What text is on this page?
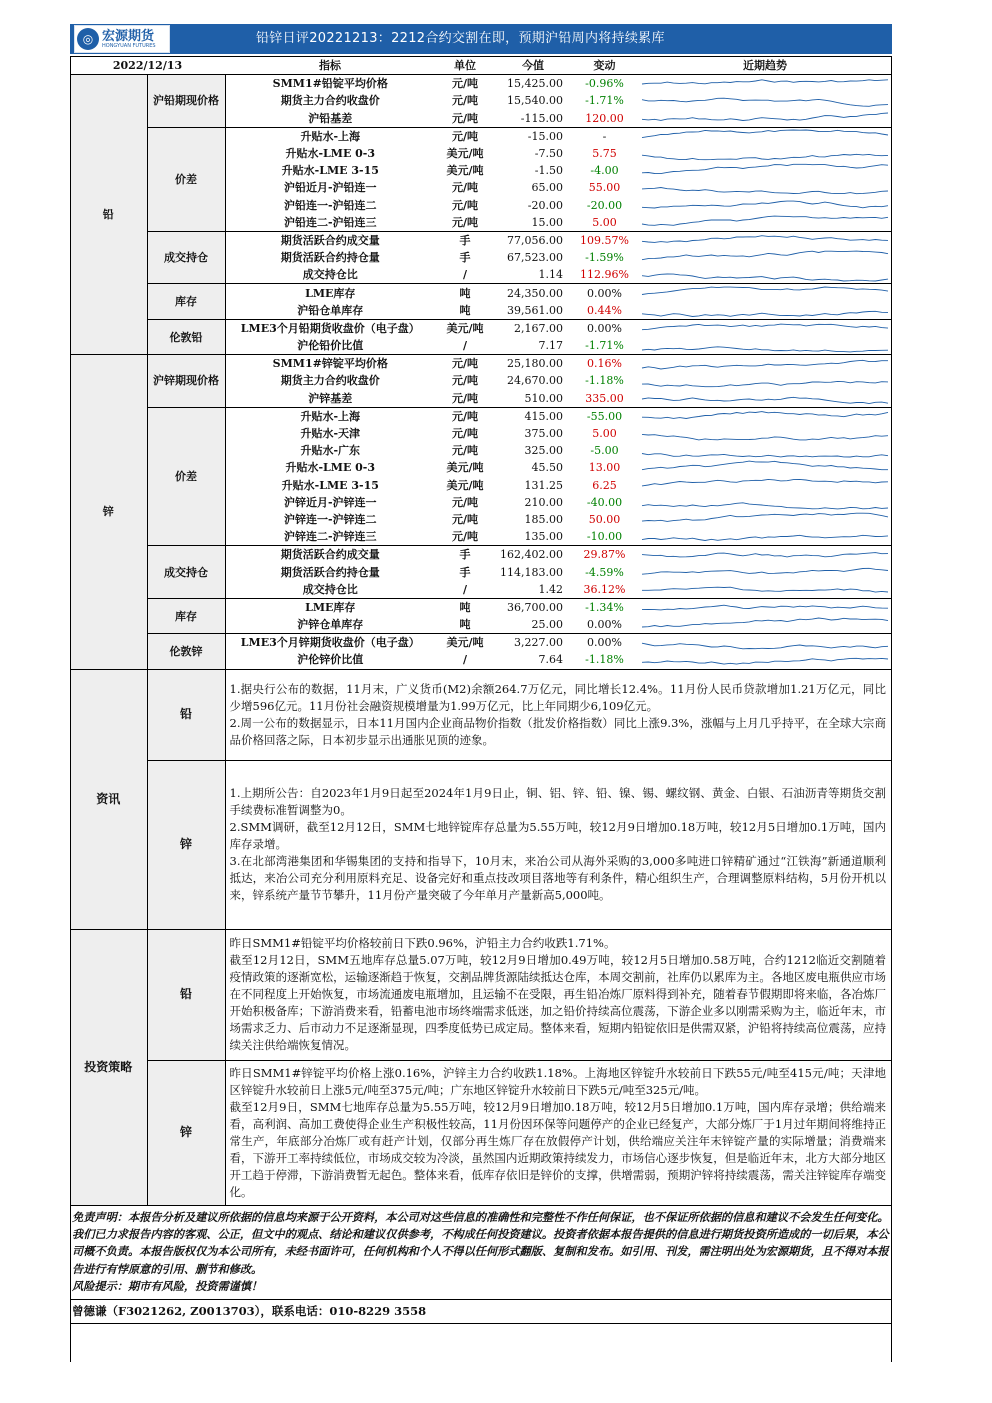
◎ 宏源期货
HONGYUAN FUTURES	铅锌日评20221213：2212合约交割在即，预期沪铅周内将持续累库
2022/12/13		指标	单位	今值	变动	近期趋势
铅	沪铅期现价格	SMM1#铅锭平均价格	元/吨	15,425.00	-0.96%	

		期货主力合约收盘价	元/吨	15,540.00	-1.71%	

		沪铅基差	元/吨	-115.00	120.00	

	价差	升贴水-上海	元/吨	-15.00	-	

		升贴水-LME 0-3	美元/吨	-7.50	5.75	

		升贴水-LME 3-15	美元/吨	-1.50	-4.00	

		沪铅近月-沪铅连一	元/吨	65.00	55.00	

		沪铅连一-沪铅连二	元/吨	-20.00	-20.00	

		沪铅连二-沪铅连三	元/吨	15.00	5.00	

	成交持仓	期货活跃合约成交量	手	77,056.00	109.57%	

		期货活跃合约持仓量	手	67,523.00	-1.59%	

		成交持仓比	/	1.14	112.96%	

	库存	LME库存	吨	24,350.00	0.00%	

		沪铅仓单库存	吨	39,561.00	0.44%	

	伦敦铅	LME3个月铅期货收盘价（电子盘）	美元/吨	2,167.00	0.00%	

		沪伦铅价比值	/	7.17	-1.71%	

锌	沪锌期现价格	SMM1#锌锭平均价格	元/吨	25,180.00	0.16%	

		期货主力合约收盘价	元/吨	24,670.00	-1.18%	

		沪锌基差	元/吨	510.00	335.00	

	价差	升贴水-上海	元/吨	415.00	-55.00	

		升贴水-天津	元/吨	375.00	5.00	

		升贴水-广东	元/吨	325.00	-5.00	

		升贴水-LME 0-3	美元/吨	45.50	13.00	

		升贴水-LME 3-15	美元/吨	131.25	6.25	

		沪锌近月-沪锌连一	元/吨	210.00	-40.00	

		沪锌连一-沪锌连二	元/吨	185.00	50.00	

		沪锌连二-沪锌连三	元/吨	135.00	-10.00	

	成交持仓	期货活跃合约成交量	手	162,402.00	29.87%	

		期货活跃合约持仓量	手	114,183.00	-4.59%	

		成交持仓比	/	1.42	36.12%	

	库存	LME库存	吨	36,700.00	-1.34%	

		沪锌仓单库存	吨	25.00	0.00%	

	伦敦锌	LME3个月锌期货收盘价（电子盘）	美元/吨	3,227.00	0.00%	

		沪伦锌价比值	/	7.64	-1.18%	
资讯	铅	1.据央行公布的数据，11月末，广义货币(M2)余额264.7万亿元，同比增长12.4%。11月份人民币贷款增加1.21万亿元，同比少增596亿元。11月份社会融资规模增量为1.99万亿元，比上年同期少6,109亿元。

2.周一公布的数据显示，日本11月国内企业商品物价指数（批发价格指数）同比上涨9.3%，涨幅与上月几乎持平，在全球大宗商品价格回落之际，日本初步显示出通胀见顶的迹象。

	锌	1.上期所公告：自2023年1月9日起至2024年1月9日止，铜、铝、锌、铅、镍、锡、螺纹钢、黄金、白银、石油沥青等期货交割手续费标准暂调整为0。

2.SMM调研，截至12月12日，SMM七地锌锭库存总量为5.55万吨，较12月9日增加0.18万吨，较12月5日增加0.1万吨，国内库存录增。

3.在北部湾港集团和华锡集团的支持和指导下，10月末，来冶公司从海外采购的3,000多吨进口锌精矿通过“江铁海”新通道顺利抵达，来冶公司充分利用原料充足、设备完好和重点技改项目落地等有利条件，精心组织生产，合理调整原料结构，5月份开机以来，锌系统产量节节攀升，11月份产量突破了今年单月产量新高5,000吨。

投资策略	铅	昨日SMM1#铅锭平均价格较前日下跌0.96%，沪铅主力合约收跌1.71%。

截至12月12日，SMM五地库存总量5.07万吨，较12月9日增加0.49万吨，较12月5日增加0.58万吨，合约1212临近交割随着疫情政策的逐渐宽松，运输逐渐趋于恢复，交割品牌货源陆续抵达仓库，本周交割前，社库仍以累库为主。各地区废电瓶供应市场在不同程度上开始恢复，市场流通废电瓶增加，且运输不在受限，再生铅冶炼厂原料得到补充，随着春节假期即将来临，各冶炼厂开始积极备库；下游消费来看，铅蓄电池市场终端需求低迷，加之铅价持续高位震荡，下游企业多以刚需采购为主，临近年末，市场需求乏力、后市动力不足逐渐显现，四季度低势已成定局。整体来看，短期内铅锭依旧是供需双紧，沪铅将持续高位震荡，应持续关注供给端恢复情况。

	锌	昨日SMM1#锌锭平均价格上涨0.16%，沪锌主力合约收跌1.18%。上海地区锌锭升水较前日下跌55元/吨至415元/吨；天津地区锌锭升水较前日上涨5元/吨至375元/吨；广东地区锌锭升水较前日下跌5元/吨至325元/吨。

截至12月9日，SMM七地库存总量为5.55万吨，较12月9日增加0.18万吨，较12月5日增加0.1万吨，国内库存录增；供给端来看，高利润、高加工费使得企业生产积极性较高，11月份因环保等问题停产的企业已经复产，大部分炼厂于1月过年期间将维持正常生产，年底部分冶炼厂或有赶产计划，仅部分再生炼厂存在放假停产计划，供给端应关注年末锌锭产量的实际增量；消费端来看，下游开工率持续低位，市场成交较为冷淡，虽然国内近期政策持续发力，市场信心逐步恢复，但是临近年末，北方大部分地区开工趋于停滞，下游消费暂无起色。整体来看，低库存依旧是锌价的支撑，供增需弱，预期沪锌将持续震荡，需关注锌锭库存端变化。

免责声明：本报告分析及建议所依据的信息均来源于公开资料，本公司对这些信息的准确性和完整性不作任何保证，也不保证所依据的信息和建议不会发生任何变化。我们已力求报告内容的客观、公正，但文中的观点、结论和建议仅供参考，不构成任何投资建议。投资者依据本报告提供的信息进行期货投资所造成的一切后果，本公司概不负责。本报告版权仅为本公司所有，未经书面许可，任何机构和个人不得以任何形式翻版、复制和发布。如引用、刊发，需注明出处为宏源期货，且不得对本报告进行有悖原意的引用、删节和修改。

风险提示：期市有风险，投资需谨慎！

曾德谦（F3021262, Z0013703），联系电话：010-8229 3558
